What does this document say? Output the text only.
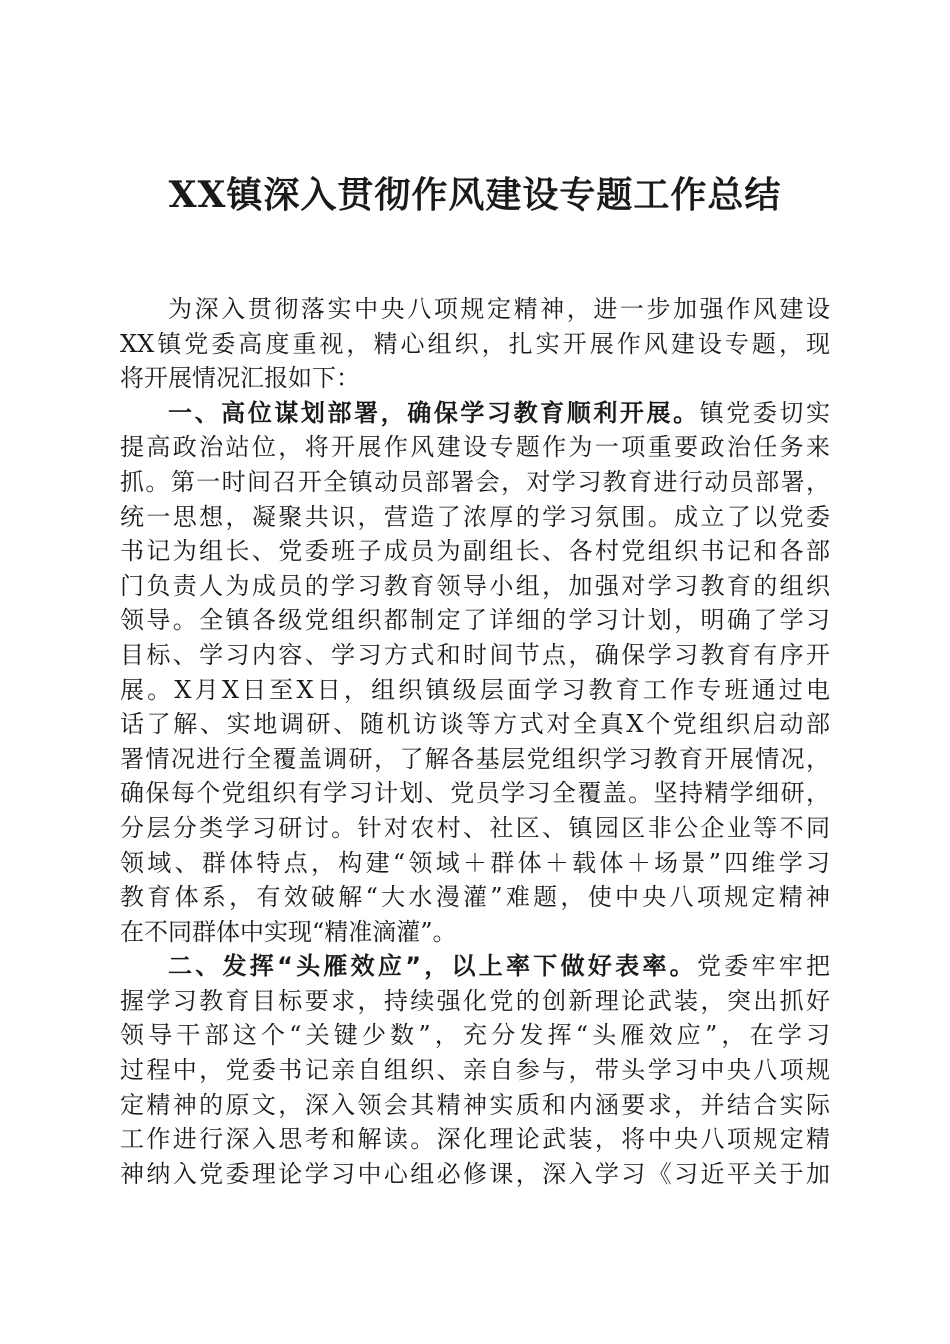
XX镇深入贯彻作风建设专题工作总结
为深入贯彻落实中央八项规定精神，进一步加强作风建设
XX镇党委高度重视，精心组织，扎实开展作风建设专题，现
将开展情况汇报如下：
一、高位谋划部署，确保学习教育顺利开展。镇党委切实
提高政治站位，将开展作风建设专题作为一项重要政治任务来
抓。第一时间召开全镇动员部署会，对学习教育进行动员部署，
统一思想，凝聚共识，营造了浓厚的学习氛围。成立了以党委
书记为组长、党委班子成员为副组长、各村党组织书记和各部
门负责人为成员的学习教育领导小组，加强对学习教育的组织
领导。全镇各级党组织都制定了详细的学习计划，明确了学习
目标、学习内容、学习方式和时间节点，确保学习教育有序开
展。X月X日至X日，组织镇级层面学习教育工作专班通过电
话了解、实地调研、随机访谈等方式对全真X个党组织启动部
署情况进行全覆盖调研，了解各基层党组织学习教育开展情况，
确保每个党组织有学习计划、党员学习全覆盖。坚持精学细研，
分层分类学习研讨。针对农村、社区、镇园区非公企业等不同
领域、群体特点，构建“领域＋群体＋载体＋场景”四维学习
教育体系，有效破解“大水漫灌”难题，使中央八项规定精神
在不同群体中实现“精准滴灌”。
二、发挥“头雁效应”，以上率下做好表率。党委牢牢把
握学习教育目标要求，持续强化党的创新理论武装，突出抓好
领导干部这个“关键少数”，充分发挥“头雁效应”，在学习
过程中，党委书记亲自组织、亲自参与，带头学习中央八项规
定精神的原文，深入领会其精神实质和内涵要求，并结合实际
工作进行深入思考和解读。深化理论武装，将中央八项规定精
神纳入党委理论学习中心组必修课，深入学习《习近平关于加
